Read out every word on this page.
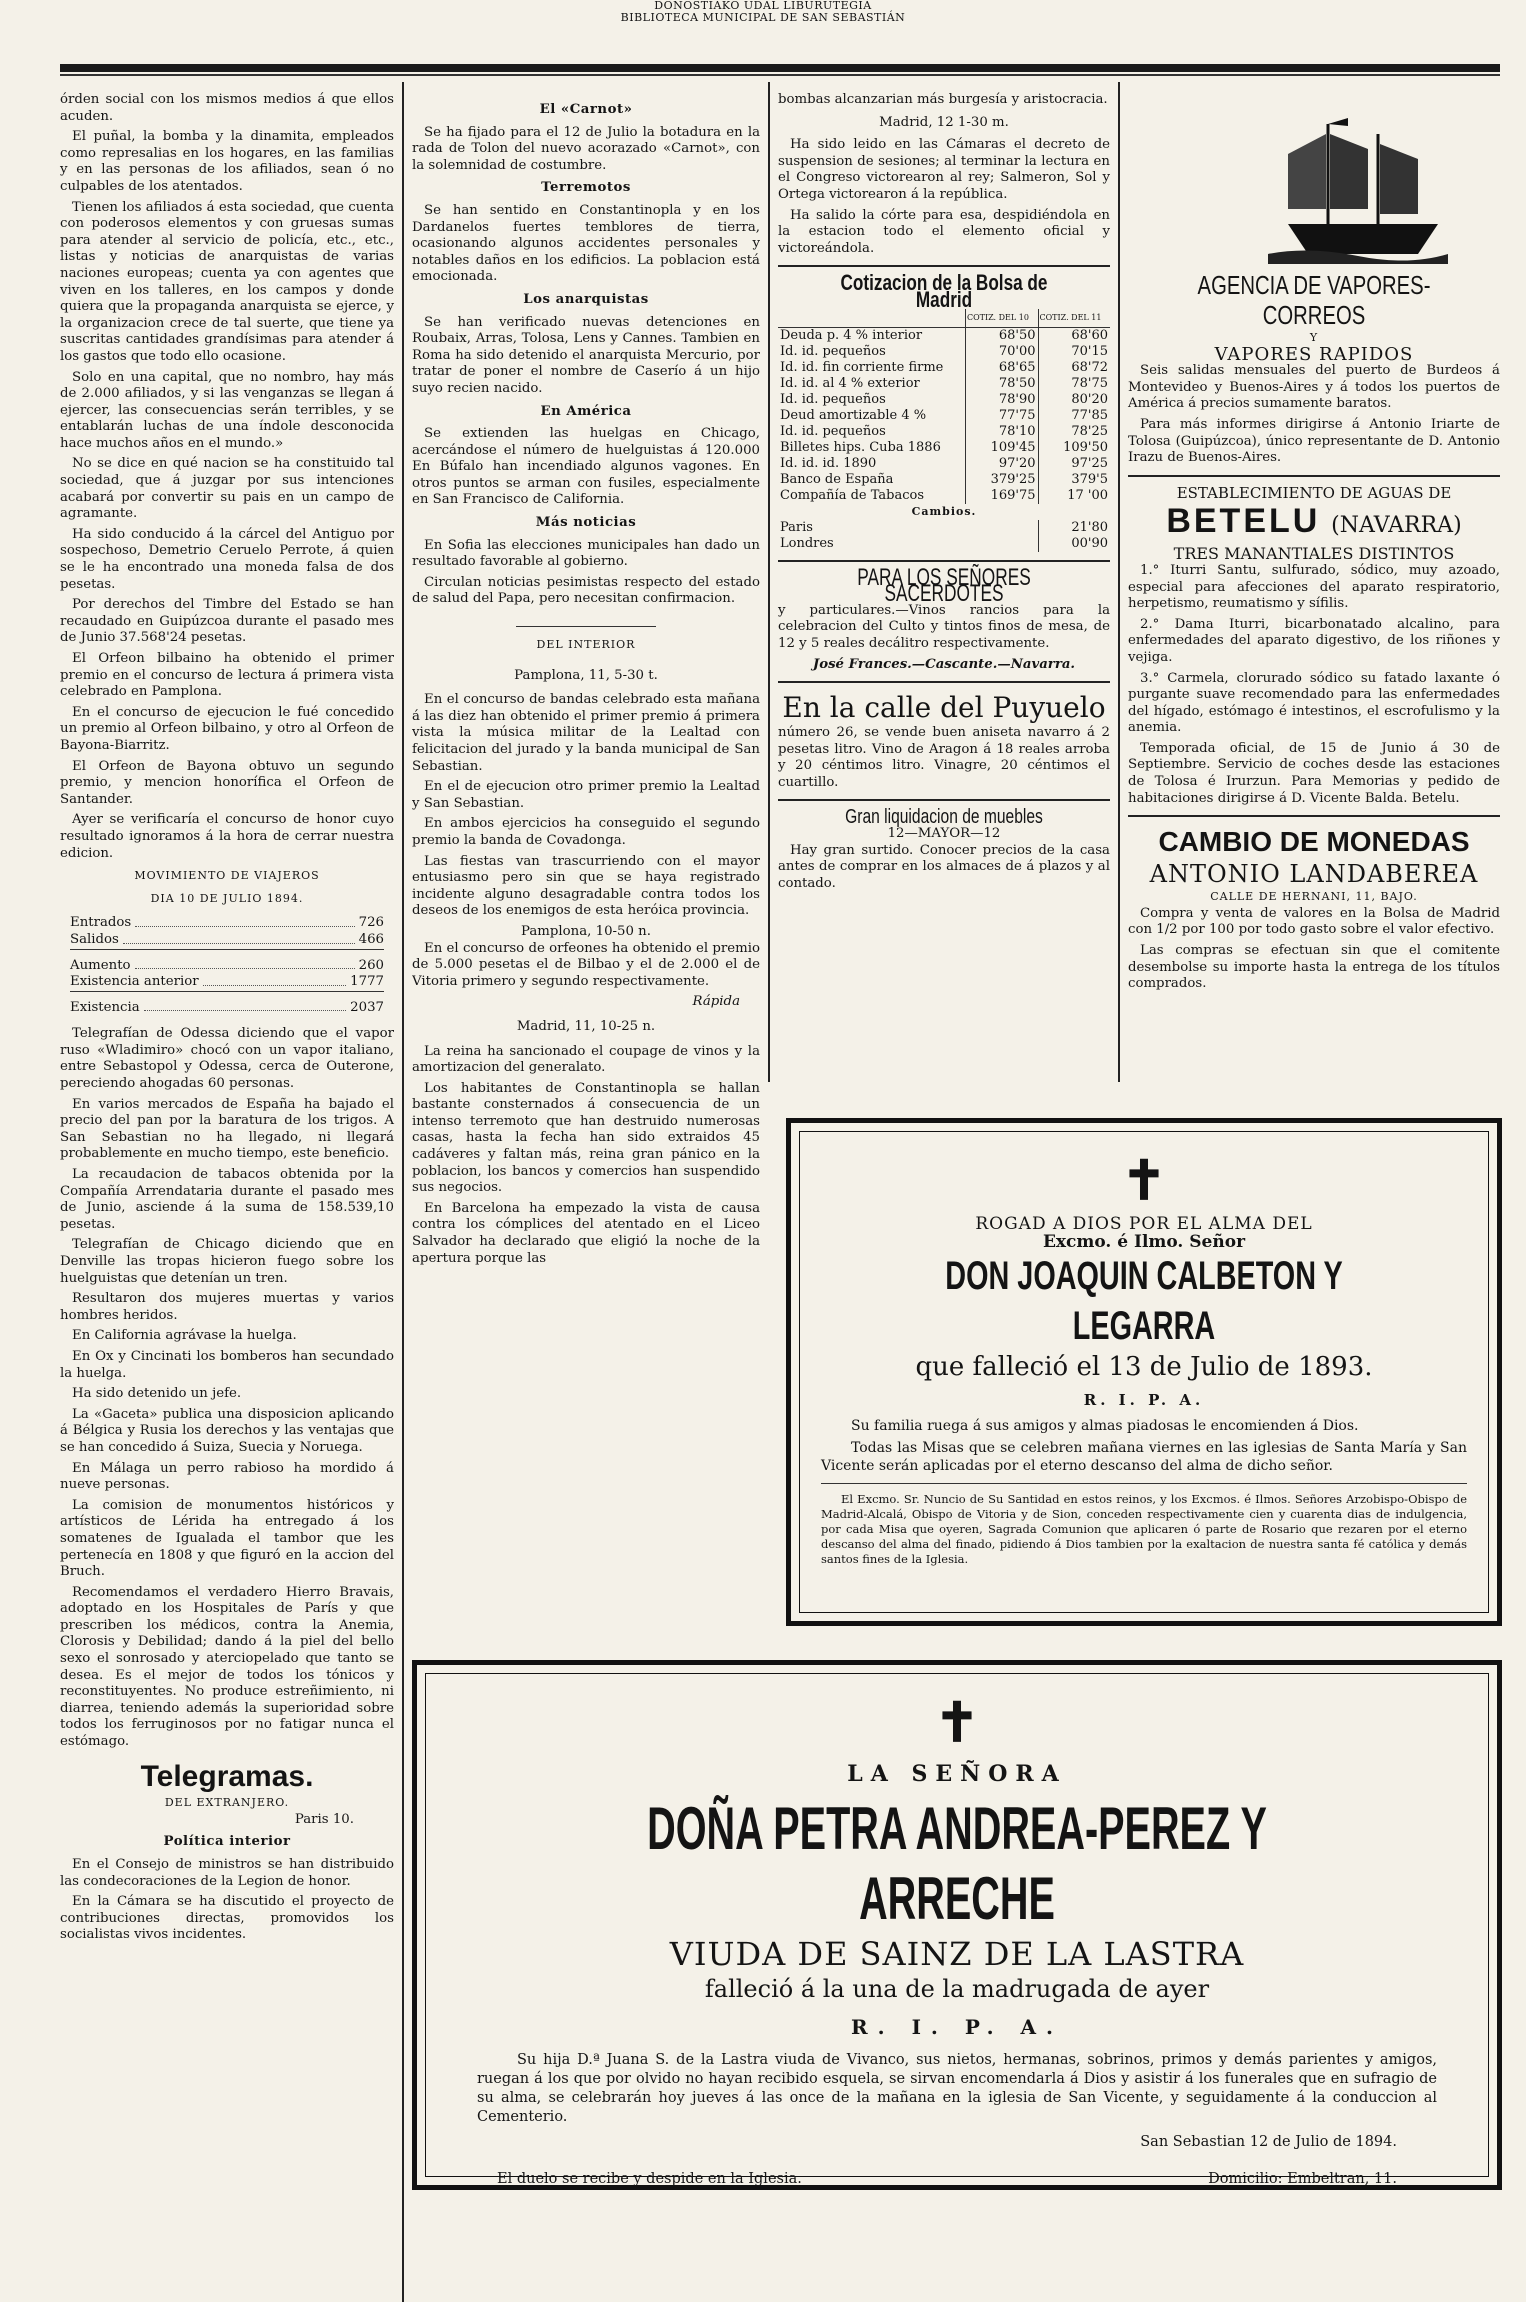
DONOSTIAKO UDAL LIBURUTEGIA
BIBLIOTECA MUNICIPAL DE SAN SEBASTIÁN

órden social con los mismos medios á que ellos acuden.

El puñal, la bomba y la dinamita, empleados como represalias en los hogares, en las familias y en las personas de los afiliados, sean ó no culpables de los atentados.

Tienen los afiliados á esta sociedad, que cuenta con poderosos elementos y con gruesas sumas para atender al servicio de policía, etc., etc., listas y noticias de anarquistas de varias naciones europeas; cuenta ya con agentes que viven en los talleres, en los campos y donde quiera que la propaganda anarquista se ejerce, y la organizacion crece de tal suerte, que tiene ya suscritas cantidades grandísimas para atender á los gastos que todo ello ocasione.

Solo en una capital, que no nombro, hay más de 2.000 afiliados, y si las venganzas se llegan á ejercer, las consecuencias serán terribles, y se entablarán luchas de una índole desconocida hace muchos años en el mundo.»

No se dice en qué nacion se ha constituido tal sociedad, que á juzgar por sus intenciones acabará por convertir su pais en un campo de agramante.

Ha sido conducido á la cárcel del Antiguo por sospechoso, Demetrio Ceruelo Perrote, á quien se le ha encontrado una moneda falsa de dos pesetas.

Por derechos del Timbre del Estado se han recaudado en Guipúzcoa durante el pasado mes de Junio 37.568'24 pesetas.

El Orfeon bilbaino ha obtenido el primer premio en el concurso de lectura á primera vista celebrado en Pamplona.

En el concurso de ejecucion le fué concedido un premio al Orfeon bilbaino, y otro al Orfeon de Bayona-Biarritz.

El Orfeon de Bayona obtuvo un segundo premio, y mencion honorífica el Orfeon de Santander.

Ayer se verificaría el concurso de honor cuyo resultado ignoramos á la hora de cerrar nuestra edicion.

MOVIMIENTO DE VIAJEROS
DIA 10 DE JULIO 1894.
Entrados	726
Salidos	466
Aumento	260
Existencia anterior	1777
Existencia	2037

Telegrafían de Odessa diciendo que el vapor ruso «Wladimiro» chocó con un vapor italiano, entre Sebastopol y Odessa, cerca de Outerone, pereciendo ahogadas 60 personas.

En varios mercados de España ha bajado el precio del pan por la baratura de los trigos. A San Sebastian no ha llegado, ni llegará probablemente en mucho tiempo, este beneficio.

La recaudacion de tabacos obtenida por la Compañía Arrendataria durante el pasado mes de Junio, asciende á la suma de 158.539,10 pesetas.

Telegrafían de Chicago diciendo que en Denville las tropas hicieron fuego sobre los huelguistas que detenían un tren.

Resultaron dos mujeres muertas y varios hombres heridos.

En California agrávase la huelga.

En Ox y Cincinati los bomberos han secundado la huelga.

Ha sido detenido un jefe.

La «Gaceta» publica una disposicion aplicando á Bélgica y Rusia los derechos y las ventajas que se han concedido á Suiza, Suecia y Noruega.

En Málaga un perro rabioso ha mordido á nueve personas.

La comision de monumentos históricos y artísticos de Lérida ha entregado á los somatenes de Igualada el tambor que les pertenecía en 1808 y que figuró en la accion del Bruch.

Recomendamos el verdadero Hierro Bravais, adoptado en los Hospitales de París y que prescriben los médicos, contra la Anemia, Clorosis y Debilidad; dando á la piel del bello sexo el sonrosado y aterciopelado que tanto se desea. Es el mejor de todos los tónicos y reconstituyentes. No produce estreñimiento, ni diarrea, teniendo además la superioridad sobre todos los ferruginosos por no fatigar nunca el estómago.

Telegramas.
DEL EXTRANJERO.
Paris 10.
Política interior

En el Consejo de ministros se han distribuido las condecoraciones de la Legion de honor.

En la Cámara se ha discutido el proyecto de contribuciones directas, promovidos los socialistas vivos incidentes.

El «Carnot»

Se ha fijado para el 12 de Julio la botadura en la rada de Tolon del nuevo acorazado «Carnot», con la solemnidad de costumbre.

Terremotos

Se han sentido en Constantinopla y en los Dardanelos fuertes temblores de tierra, ocasionando algunos accidentes personales y notables daños en los edificios. La poblacion está emocionada.

Los anarquistas

Se han verificado nuevas detenciones en Roubaix, Arras, Tolosa, Lens y Cannes. Tambien en Roma ha sido detenido el anarquista Mercurio, por tratar de poner el nombre de Caserío á un hijo suyo recien nacido.

En América

Se extienden las huelgas en Chicago, acercándose el número de huelguistas á 120.000 En Búfalo han incendiado algunos vagones. En otros puntos se arman con fusiles, especialmente en San Francisco de California.

Más noticias

En Sofia las elecciones municipales han dado un resultado favorable al gobierno.

Circulan noticias pesimistas respecto del estado de salud del Papa, pero necesitan confirmacion.

DEL INTERIOR
Pamplona, 11, 5-30 t.

En el concurso de bandas celebrado esta mañana á las diez han obtenido el primer premio á primera vista la música militar de la Lealtad con felicitacion del jurado y la banda municipal de San Sebastian.

En el de ejecucion otro primer premio la Lealtad y San Sebastian.

En ambos ejercicios ha conseguido el segundo premio la banda de Covadonga.

Las fiestas van trascurriendo con el mayor entusiasmo pero sin que se haya registrado incidente alguno desagradable contra todos los deseos de los enemigos de esta heróica provincia.

Pamplona, 10-50 n.

En el concurso de orfeones ha obtenido el premio de 5.000 pesetas el de Bilbao y el de 2.000 el de Vitoria primero y segundo respectivamente.

Rápida
Madrid, 11, 10-25 n.

La reina ha sancionado el coupage de vinos y la amortizacion del generalato.

Los habitantes de Constantinopla se hallan bastante consternados á consecuencia de un intenso terremoto que han destruido numerosas casas, hasta la fecha han sido extraidos 45 cadáveres y faltan más, reina gran pánico en la poblacion, los bancos y comercios han suspendido sus negocios.

En Barcelona ha empezado la vista de causa contra los cómplices del atentado en el Liceo Salvador ha declarado que eligió la noche de la apertura porque las

bombas alcanzarian más burgesía y aristocracia.

Madrid, 12 1-30 m.

Ha sido leido en las Cámaras el decreto de suspension de sesiones; al terminar la lectura en el Congreso victorearon al rey; Salmeron, Sol y Ortega victorearon á la república.

Ha salido la córte para esa, despidiéndola en la estacion todo el elemento oficial y victoreándola.

Cotizacion de la Bolsa de Madrid
	COTIZ. DEL 10	COTIZ. DEL 11
Deuda p. 4 % interior	68'50	68'60
Id. id. pequeños	70'00	70'15
Id. id. fin corriente firme	68'65	68'72
Id. id. al 4 % exterior	78'50	78'75
Id. id. pequeños	78'90	80'20
Deud amortizable 4 %	77'75	77'85
Id. id. pequeños	78'10	78'25
Billetes hips. Cuba 1886	109'45	109'50
Id. id. id. 1890	97'20	97'25
Banco de España	379'25	379'5
Compañía de Tabacos	169'75	17 '00
Cambios.		
Paris		21'80
Londres		00'90
PARA LOS SEÑORES SACERDOTES

y particulares.—Vinos rancios para la celebracion del Culto y tintos finos de mesa, de 12 y 5 reales decálitro respectivamente.

José Frances.—Cascante.—Navarra.
En la calle del Puyuelo

número 26, se vende buen aniseta navarro á 2 pesetas litro. Vino de Aragon á 18 reales arroba y 20 céntimos litro. Vinagre, 20 céntimos el cuartillo.

Gran liquidacion de muebles
12—MAYOR—12

Hay gran surtido. Conocer precios de la casa antes de comprar en los almaces de á plazos y al contado.

AGENCIA DE VAPORES-CORREOS
Y
VAPORES RAPIDOS

Seis salidas mensuales del puerto de Burdeos á Montevideo y Buenos-Aires y á todos los puertos de América á precios sumamente baratos.

Para más informes dirigirse á Antonio Iriarte de Tolosa (Guipúzcoa), único representante de D. Antonio Irazu de Buenos-Aires.

ESTABLECIMIENTO DE AGUAS DE
BETELU (NAVARRA)
TRES MANANTIALES DISTINTOS

1.° Iturri Santu, sulfurado, sódico, muy azoado, especial para afecciones del aparato respiratorio, herpetismo, reumatismo y sífilis.

2.° Dama Iturri, bicarbonatado alcalino, para enfermedades del aparato digestivo, de los riñones y vejiga.

3.° Carmela, clorurado sódico su fatado laxante ó purgante suave recomendado para las enfermedades del hígado, estómago é intestinos, el escrofulismo y la anemia.

Temporada oficial, de 15 de Junio á 30 de Septiembre. Servicio de coches desde las estaciones de Tolosa é Irurzun. Para Memorias y pedido de habitaciones dirigirse á D. Vicente Balda. Betelu.

CAMBIO DE MONEDAS
ANTONIO LANDABEREA
CALLE DE HERNANI, 11, BAJO.

Compra y venta de valores en la Bolsa de Madrid con 1/2 por 100 por todo gasto sobre el valor efectivo.

Las compras se efectuan sin que el comitente desembolse su importe hasta la entrega de los títulos comprados.

✝
ROGAD A DIOS POR EL ALMA DEL
Excmo. é Ilmo. Señor
DON JOAQUIN CALBETON Y LEGARRA
que falleció el 13 de Julio de 1893.
R. I. P. A.

Su familia ruega á sus amigos y almas piadosas le encomienden á Dios.

Todas las Misas que se celebren mañana viernes en las iglesias de Santa María y San Vicente serán aplicadas por el eterno descanso del alma de dicho señor.

El Excmo. Sr. Nuncio de Su Santidad en estos reinos, y los Excmos. é Ilmos. Señores Arzobispo-Obispo de Madrid-Alcalá, Obispo de Vitoria y de Sion, conceden respectivamente cien y cuarenta dias de indulgencia, por cada Misa que oyeren, Sagrada Comunion que aplicaren ó parte de Rosario que rezaren por el eterno descanso del alma del finado, pidiendo á Dios tambien por la exaltacion de nuestra santa fé católica y demás santos fines de la Iglesia.

✝
LA SEÑORA
DOÑA PETRA ANDREA-PEREZ Y ARRECHE
VIUDA DE SAINZ DE LA LASTRA
falleció á la una de la madrugada de ayer
R. I. P. A.

Su hija D.ª Juana S. de la Lastra viuda de Vivanco, sus nietos, hermanas, sobrinos, primos y demás parientes y amigos, ruegan á los que por olvido no hayan recibido esquela, se sirvan encomendarla á Dios y asistir á los funerales que en sufragio de su alma, se celebrarán hoy jueves á las once de la mañana en la iglesia de San Vicente, y seguidamente á la conduccion al Cementerio.

San Sebastian 12 de Julio de 1894.
El duelo se recibe y despide en la Iglesia.	Domicilio: Embeltran, 11.
